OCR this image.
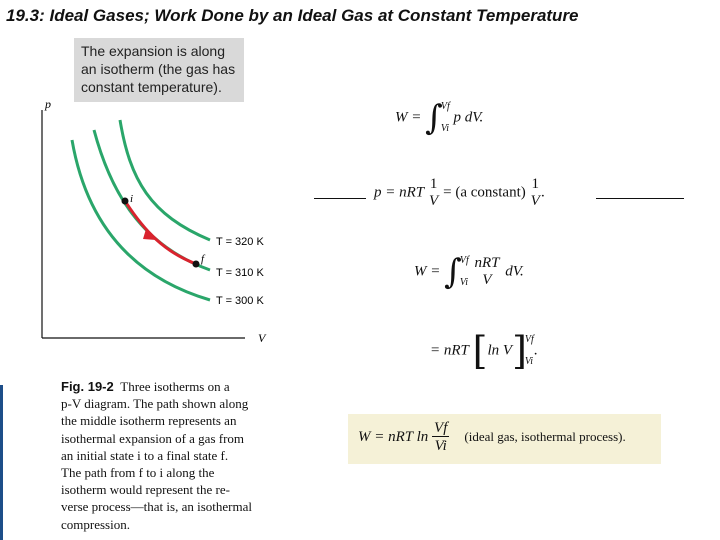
19.3: Ideal Gases; Work Done by an Ideal Gas at Constant Temperature
The expansion is along
an isotherm (the gas has
constant temperature).
p
V
i
f
T = 320 K
T = 310 K
T = 300 K
Fig. 19-2 Three isotherms on a
p-V diagram. The path shown along
the middle isotherm represents an
isothermal expansion of a gas from
an initial state i to a final state f.
The path from f to i along the
isotherm would represent the re-
verse process—that is, an isothermal
compression.
W = ∫
Vf
Vi
p dV.
p = nRT
1
V
= (a constant)
1
V
.
W = ∫
Vf
Vi

nRT
V
dV.
= nRT [ln V]
Vf
Vi
.
W = nRT $\ln \frac{Vf}{Vi}$ (ideal gas, isothermal process).
